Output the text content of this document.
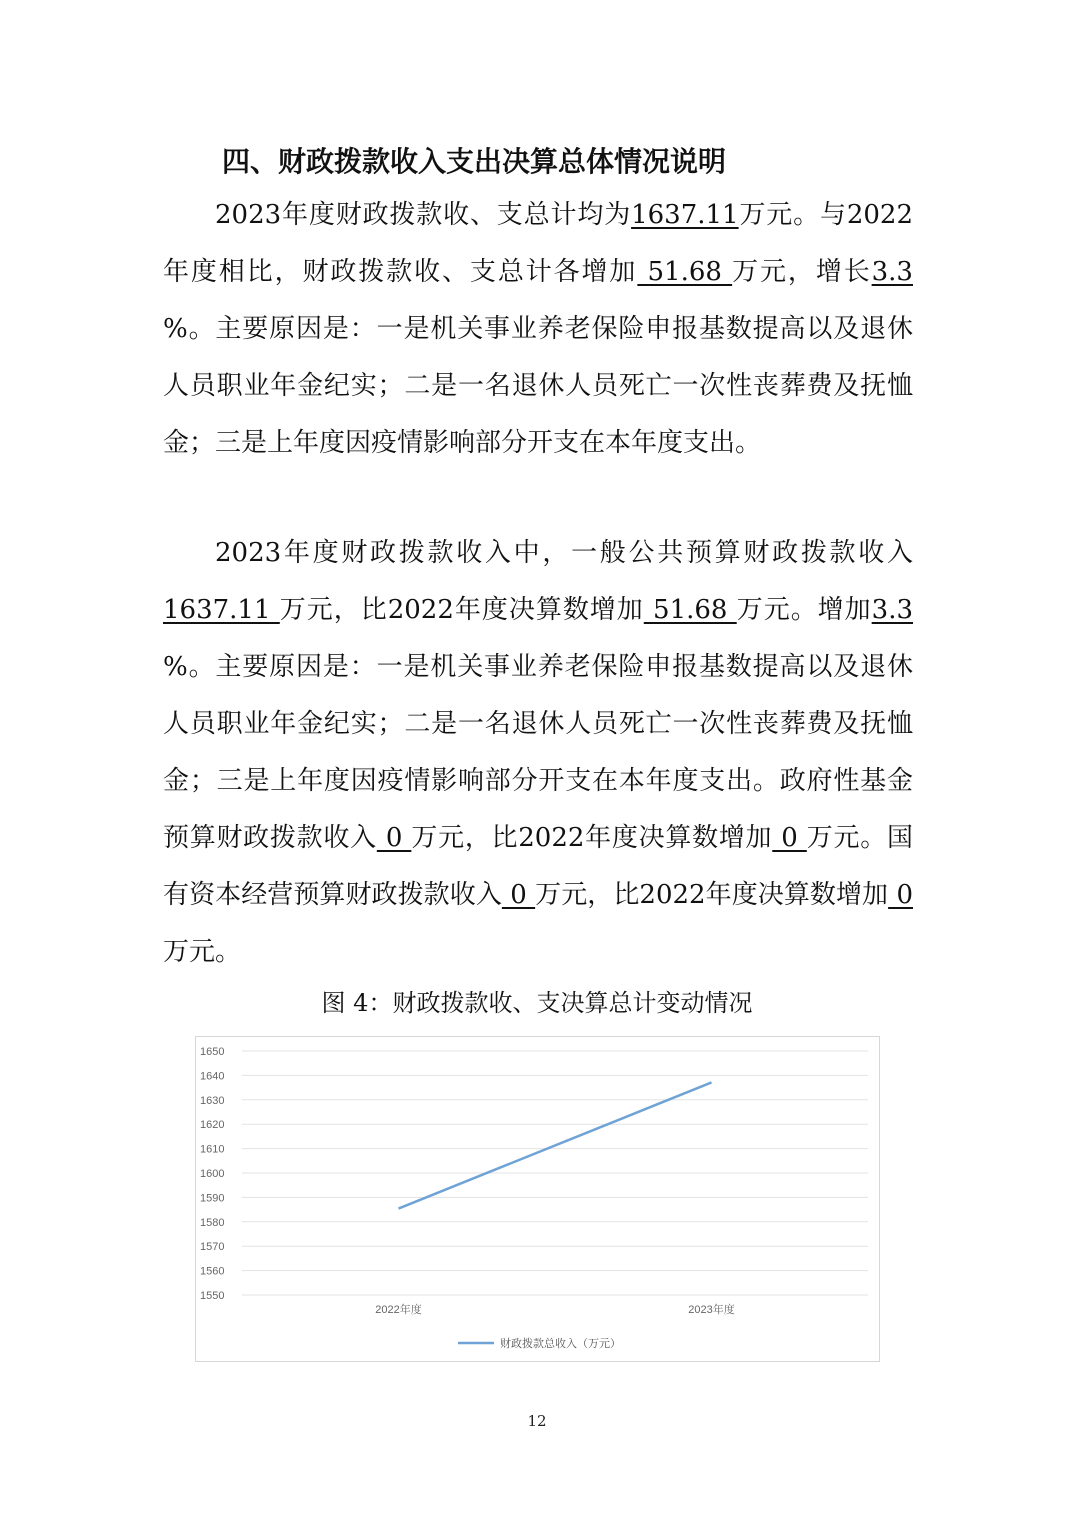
四、财政拨款收入支出决算总体情况说明

2023年度财政拨款收、支总计均为1637.11万元。与2022年度相比，财政拨款收、支总计各增加 51.68 万元，增长3.3 %。主要原因是：一是机关事业养老保险申报基数提高以及退休人员职业年金纪实；二是一名退休人员死亡一次性丧葬费及抚恤金；三是上年度因疫情影响部分开支在本年度支出。

2023年度财政拨款收入中，一般公共预算财政拨款收入1637.11 万元，比2022年度决算数增加 51.68 万元。增加3.3 %。主要原因是：一是机关事业养老保险申报基数提高以及退休人员职业年金纪实；二是一名退休人员死亡一次性丧葬费及抚恤金；三是上年度因疫情影响部分开支在本年度支出。政府性基金预算财政拨款收入 0 万元，比2022年度决算数增加 0 万元。国有资本经营预算财政拨款收入 0 万元，比2022年度决算数增加 0 万元。

图 4：财政拨款收、支决算总计变动情况
1550
1560
1570
1580
1590
1600
1610
1620
1630
1640
1650
2022年度	2023年度
财政拨款总收入（万元）
12
